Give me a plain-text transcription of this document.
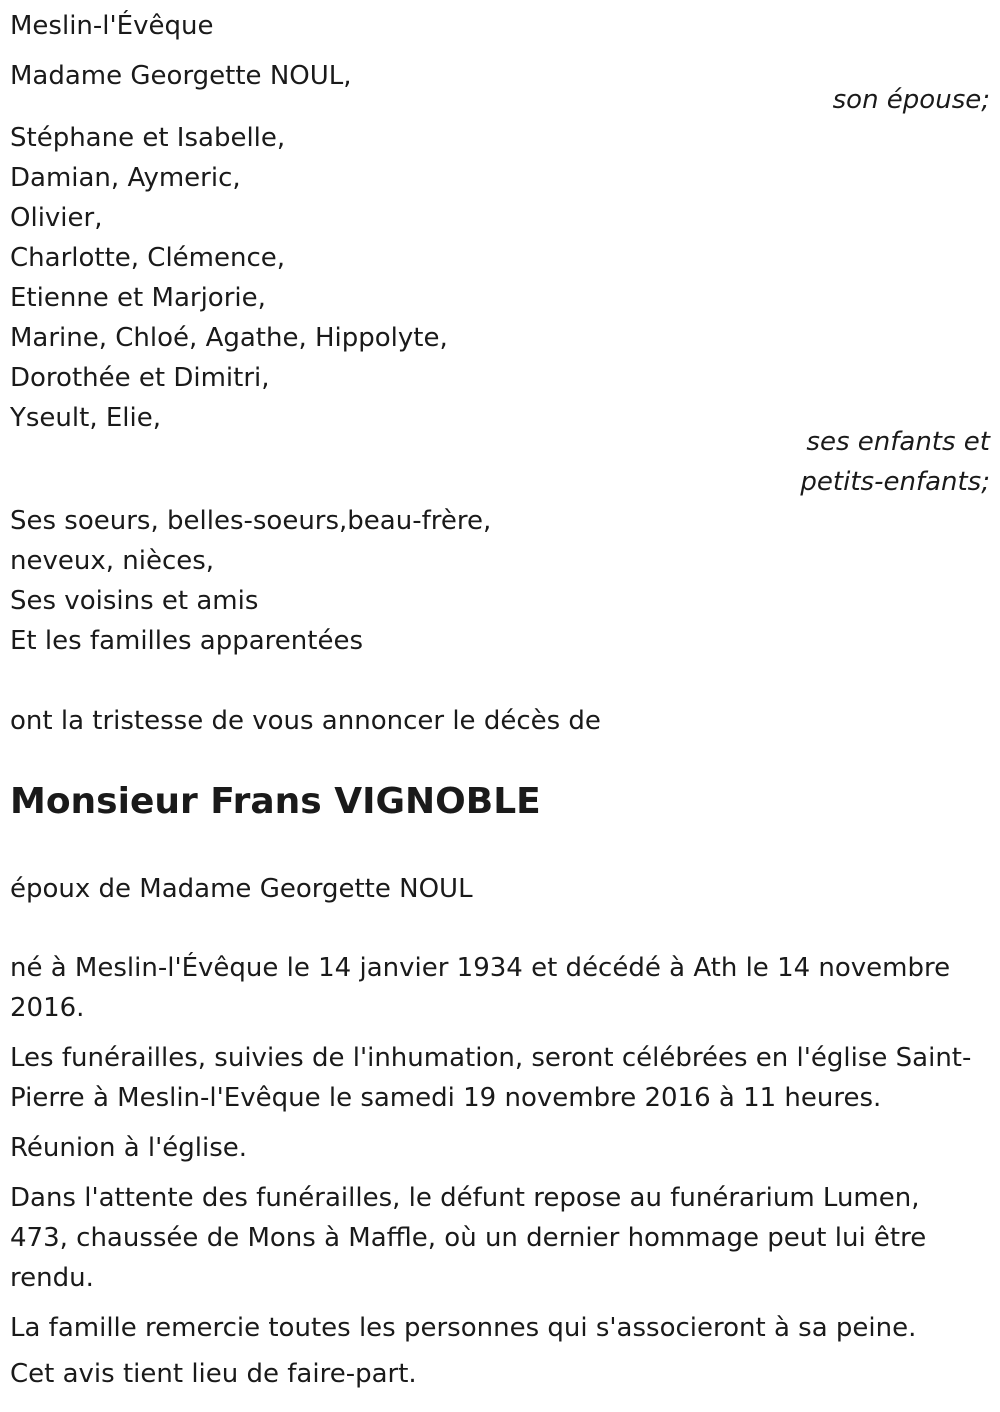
Meslin-l'Évêque

Madame Georgette NOUL,

son épouse;

Stéphane et Isabelle,

Damian, Aymeric,

Olivier,

Charlotte, Clémence,

Etienne et Marjorie,

Marine, Chloé, Agathe, Hippolyte,

Dorothée et Dimitri,

Yseult, Elie,

ses enfants et

petits-enfants;

Ses soeurs, belles-soeurs,beau-frère,

neveux, nièces,

Ses voisins et amis

Et les familles apparentées

ont la tristesse de vous annoncer le décès de

Monsieur Frans VIGNOBLE

époux de Madame Georgette NOUL

né à Meslin-l'Évêque le 14 janvier 1934 et décédé à Ath le 14 novembre 2016.

Les funérailles, suivies de l'inhumation, seront célébrées en l'église Saint-Pierre à Meslin-l'Evêque le samedi 19 novembre 2016 à 11 heures.

Réunion à l'église.

Dans l'attente des funérailles, le défunt repose au funérarium Lumen, 473, chaussée de Mons à Maffle, où un dernier hommage peut lui être rendu.

La famille remercie toutes les personnes qui s'associeront à sa peine.

Cet avis tient lieu de faire-part.
